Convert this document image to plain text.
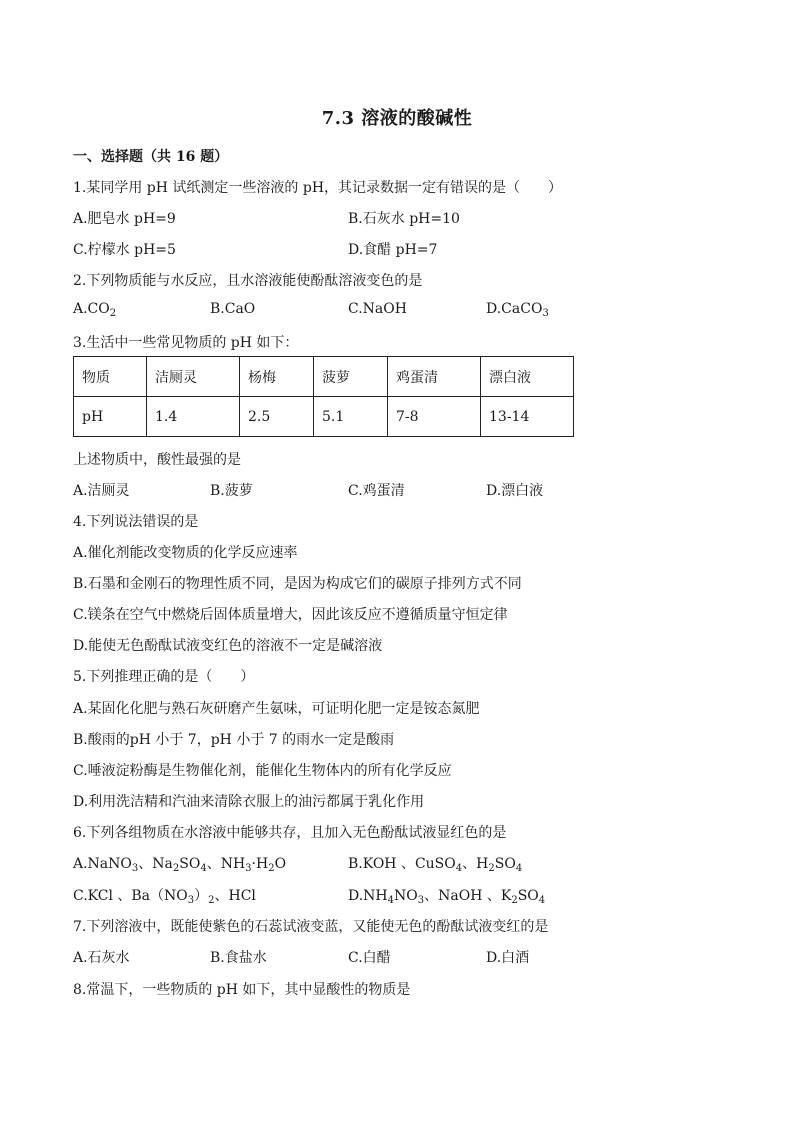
7.3 溶液的酸碱性
一、选择题（共 16 题）
1.某同学用 pH 试纸测定一些溶液的 pH，其记录数据一定有错误的是（　　）
A.肥皂水 pH=9	B.石灰水 pH=10
C.柠檬水 pH=5	D.食醋 pH=7
2.下列物质能与水反应，且水溶液能使酚酞溶液变色的是
$A.CO_2$	B.CaO	C.NaOH	D.CaCO$_3$
3.生活中一些常见物质的 pH 如下：
物质	洁厕灵	杨梅	菠萝	鸡蛋清	漂白液
pH	1.4	2.5	5.1	7-8	13-14
上述物质中，酸性最强的是
A.洁厕灵	B.菠萝	C.鸡蛋清	D.漂白液
4.下列说法错误的是
A.催化剂能改变物质的化学反应速率
B.石墨和金刚石的物理性质不同，是因为构成它们的碳原子排列方式不同
C.镁条在空气中燃烧后固体质量增大，因此该反应不遵循质量守恒定律
D.能使无色酚酞试液变红色的溶液不一定是碱溶液
5.下列推理正确的是（　　）
A.某固化化肥与熟石灰研磨产生氨味，可证明化肥一定是铵态氮肥
B.酸雨的pH 小于 7，pH 小于 7 的雨水一定是酸雨
C.唾液淀粉酶是生物催化剂，能催化生物体内的所有化学反应
D.利用洗洁精和汽油来清除衣服上的油污都属于乳化作用
6.下列各组物质在水溶液中能够共存，且加入无色酚酞试液显红色的是
A.NaNO$_3$、$Na_2SO_4$、$NH_3\cdot H_2O$	B.KOH 、CuSO$_4$、$H_2SO_4$
C.KCl 、$Ba(NO_3)_2$、HCl	$D.NH_4NO_3$、NaOH 、$K_2SO_4$
7.下列溶液中，既能使紫色的石蕊试液变蓝，又能使无色的酚酞试液变红的是
A.石灰水	B.食盐水	C.白醋	D.白酒
8.常温下，一些物质的 pH 如下，其中显酸性的物质是
